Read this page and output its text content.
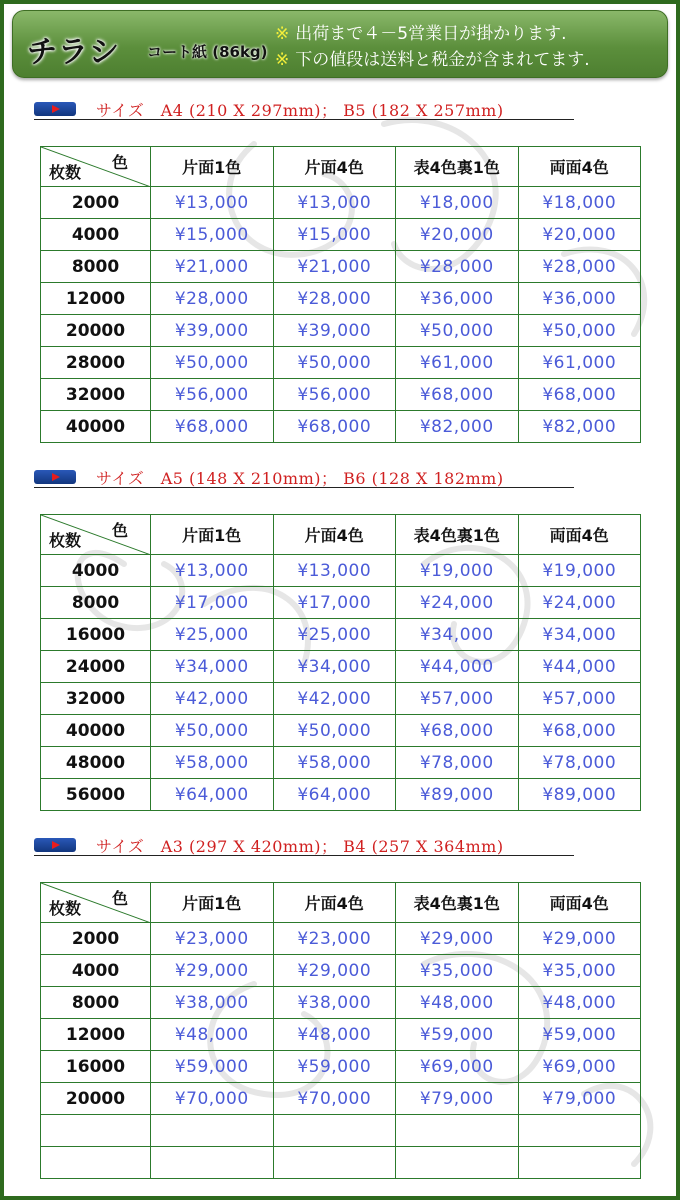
チラシ コート紙 (86kg)
※ 出荷まで４－5営業日が掛かります.
※ 下の値段は送料と税金が含まれてます.
サイズ　A4 (210 X 297mm)； B5 (182 X 257mm)
色
枚数	片面1色	片面4色	表4色裏1色	両面4色
2000	¥13,000	¥13,000	¥18,000	¥18,000
4000	¥15,000	¥15,000	¥20,000	¥20,000
8000	¥21,000	¥21,000	¥28,000	¥28,000
12000	¥28,000	¥28,000	¥36,000	¥36,000
20000	¥39,000	¥39,000	¥50,000	¥50,000
28000	¥50,000	¥50,000	¥61,000	¥61,000
32000	¥56,000	¥56,000	¥68,000	¥68,000
40000	¥68,000	¥68,000	¥82,000	¥82,000
サイズ　A5 (148 X 210mm)； B6 (128 X 182mm)
色
枚数	片面1色	片面4色	表4色裏1色	両面4色
4000	¥13,000	¥13,000	¥19,000	¥19,000
8000	¥17,000	¥17,000	¥24,000	¥24,000
16000	¥25,000	¥25,000	¥34,000	¥34,000
24000	¥34,000	¥34,000	¥44,000	¥44,000
32000	¥42,000	¥42,000	¥57,000	¥57,000
40000	¥50,000	¥50,000	¥68,000	¥68,000
48000	¥58,000	¥58,000	¥78,000	¥78,000
56000	¥64,000	¥64,000	¥89,000	¥89,000
サイズ　A3 (297 X 420mm)； B4 (257 X 364mm)
色
枚数	片面1色	片面4色	表4色裏1色	両面4色
2000	¥23,000	¥23,000	¥29,000	¥29,000
4000	¥29,000	¥29,000	¥35,000	¥35,000
8000	¥38,000	¥38,000	¥48,000	¥48,000
12000	¥48,000	¥48,000	¥59,000	¥59,000
16000	¥59,000	¥59,000	¥69,000	¥69,000
20000	¥70,000	¥70,000	¥79,000	¥79,000
